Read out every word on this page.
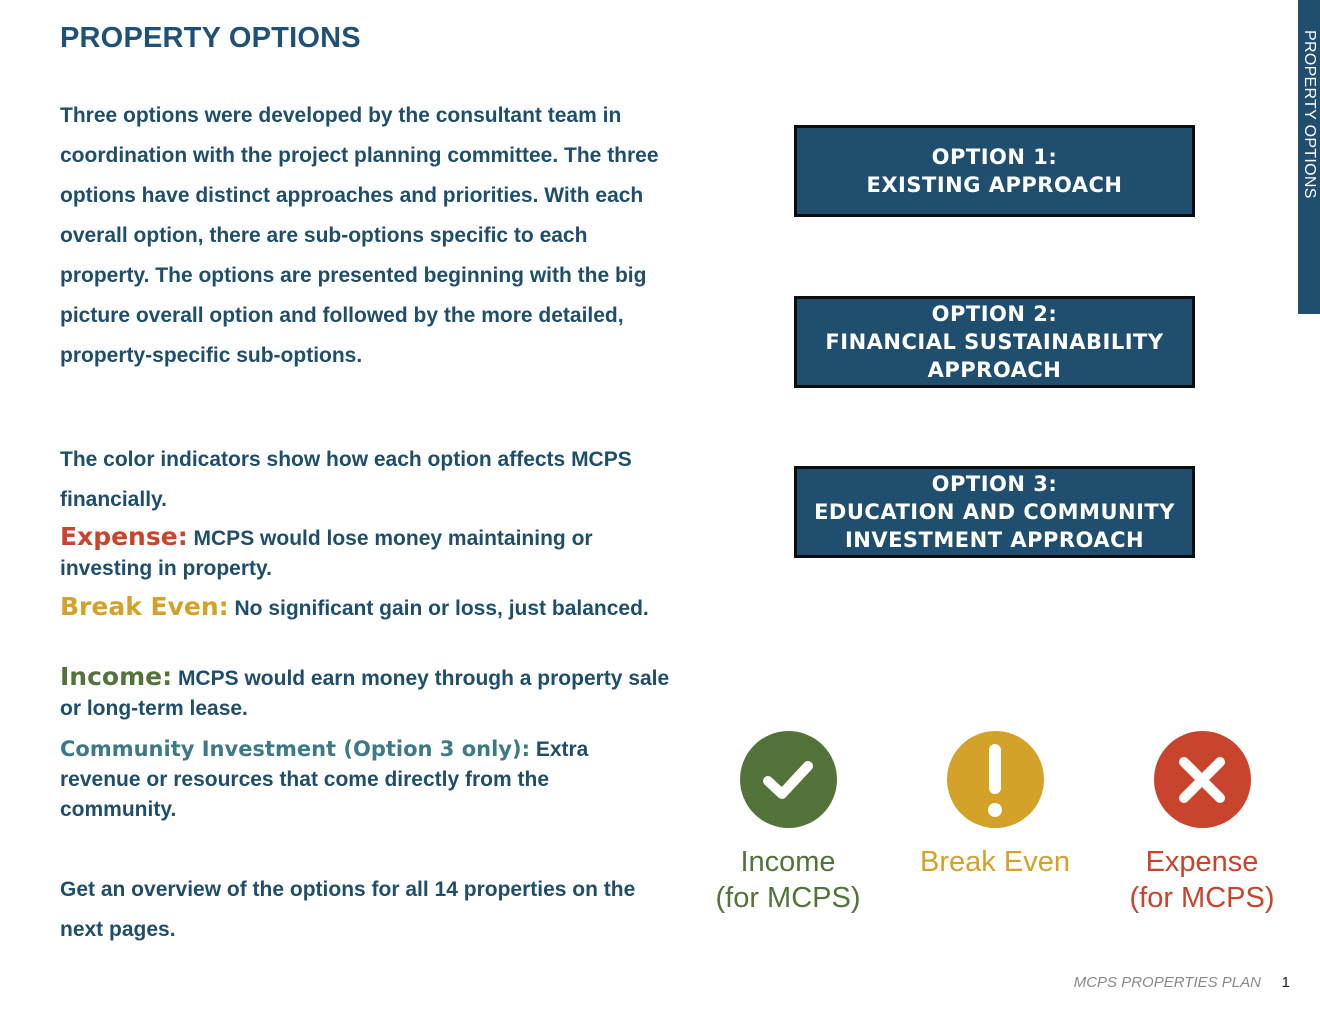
PROPERTY OPTIONS

Three options were developed by the consultant team in coordination with the project planning committee. The three options have distinct approaches and priorities. With each overall option, there are sub-options specific to each property. The options are presented beginning with the big picture overall option and followed by the more detailed, property-specific sub-options.

The color indicators show how each option affects MCPS financially.

Expense: MCPS would lose money maintaining or investing in property.

Break Even: No significant gain or loss, just balanced.

Income: MCPS would earn money through a property sale or long-term lease.

Community Investment (Option 3 only): Extra revenue or resources that come directly from the community.

Get an overview of the options for all 14 properties on the next pages.

OPTION 1:
EXISTING APPROACH
OPTION 2:
FINANCIAL SUSTAINABILITY
APPROACH
OPTION 3:
EDUCATION AND COMMUNITY
INVESTMENT APPROACH
Income
(for MCPS)
Break Even	Expense
(for MCPS)
PROPERTY OPTIONS
MCPS PROPERTIES PLAN 1
